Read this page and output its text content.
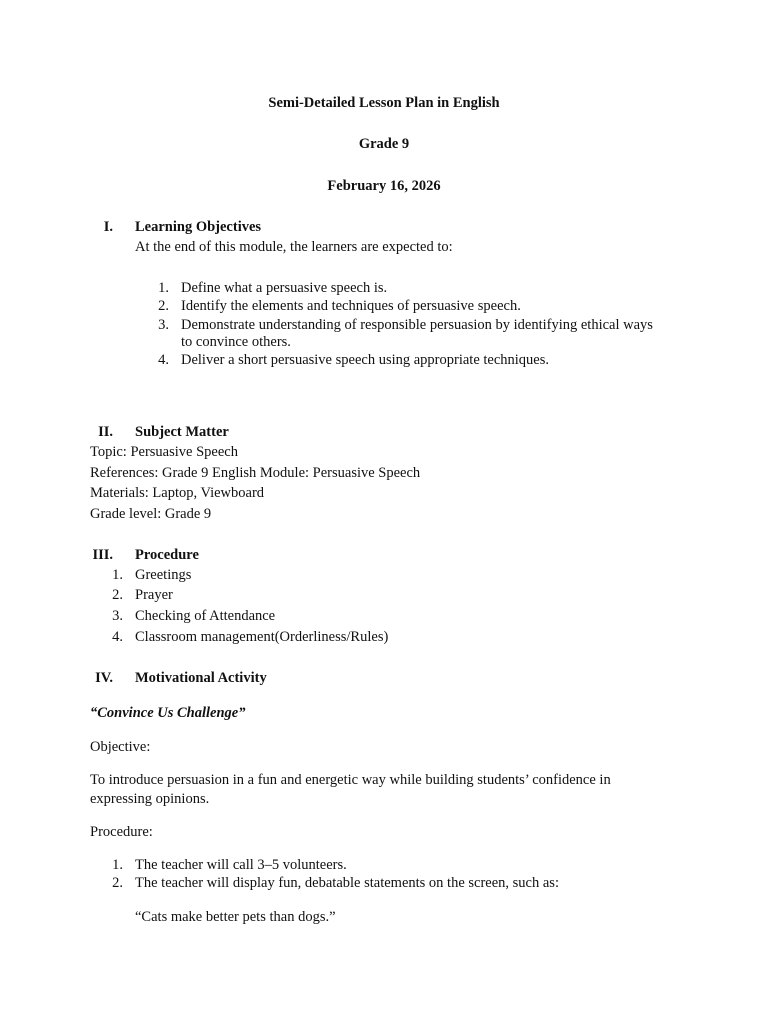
Semi-Detailed Lesson Plan in English
Grade 9
February 16, 2026
I. Learning Objectives
At the end of this module, the learners are expected to:
1. Define what a persuasive speech is.
2. Identify the elements and techniques of persuasive speech.
3. Demonstrate understanding of responsible persuasion by identifying ethical ways
to convince others.
4. Deliver a short persuasive speech using appropriate techniques.
II. Subject Matter
Topic: Persuasive Speech
References: Grade 9 English Module: Persuasive Speech
Materials: Laptop, Viewboard
Grade level: Grade 9
III. Procedure
1. Greetings
2. Prayer
3. Checking of Attendance
4. Classroom management(Orderliness/Rules)
IV. Motivational Activity
“Convince Us Challenge”
Objective:
To introduce persuasion in a fun and energetic way while building students’ confidence in
expressing opinions.
Procedure:
1. The teacher will call 3–5 volunteers.
2. The teacher will display fun, debatable statements on the screen, such as:
“Cats make better pets than dogs.”
